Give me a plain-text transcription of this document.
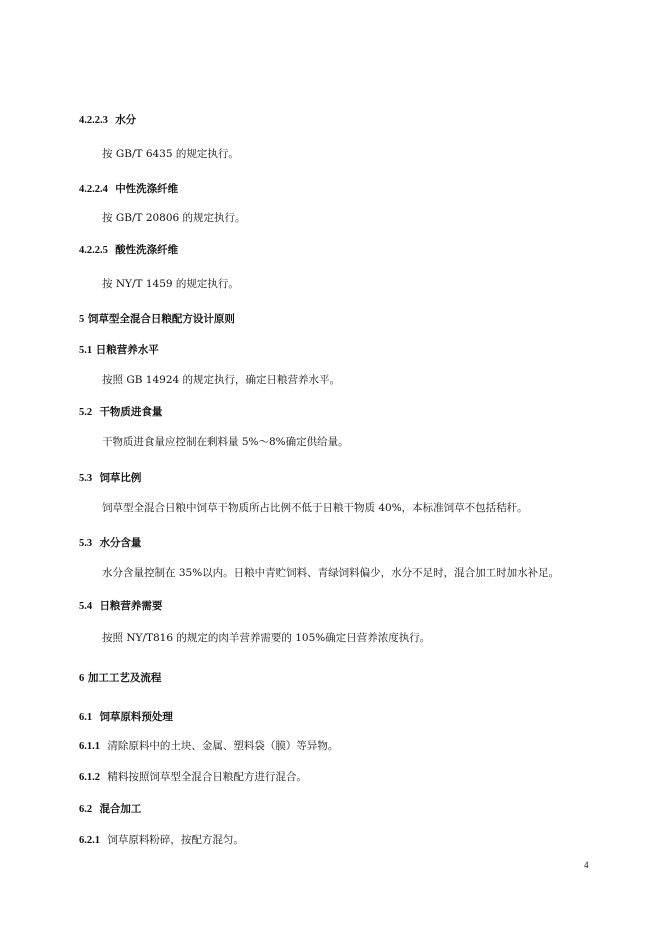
4.2.2.3 水分
按 GB/T 6435 的规定执行。
4.2.2.4 中性洗涤纤维
按 GB/T 20806 的规定执行。
4.2.2.5 酸性洗涤纤维
按 NY/T 1459 的规定执行。
5 饲草型全混合日粮配方设计原则
5.1 日粮营养水平
按照 GB 14924 的规定执行，确定日粮营养水平。
5.2 干物质进食量
干物质进食量应控制在剩料量 5%～8%确定供给量。
5.3 饲草比例
饲草型全混合日粮中饲草干物质所占比例不低于日粮干物质 40%，本标准饲草不包括秸秆。
5.3 水分含量
水分含量控制在 35%以内。日粮中青贮饲料、青绿饲料偏少，水分不足时，混合加工时加水补足。
5.4 日粮营养需要
按照 NY/T816 的规定的肉羊营养需要的 105%确定日营养浓度执行。
6 加工工艺及流程
6.1 饲草原料预处理
6.1.1 清除原料中的土块、金属、塑料袋（膜）等异物。
6.1.2 精料按照饲草型全混合日粮配方进行混合。
6.2 混合加工
6.2.1 饲草原料粉碎，按配方混匀。
4
